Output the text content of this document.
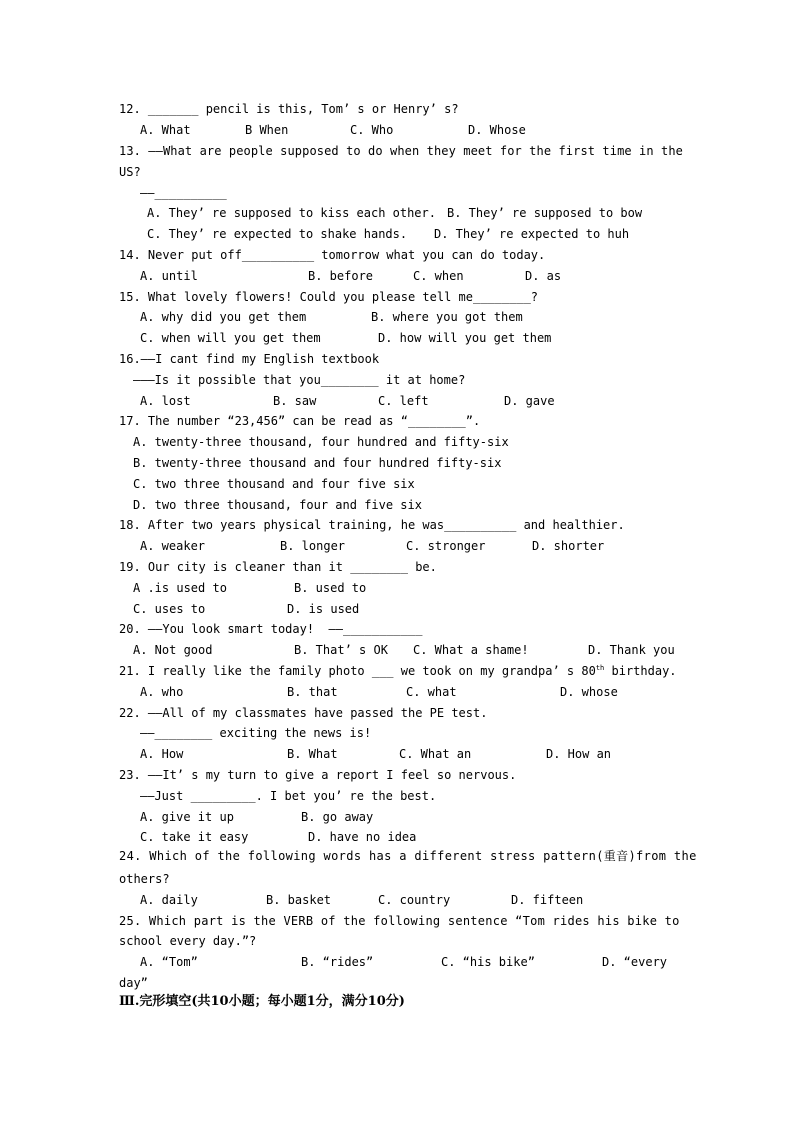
12. _______ pencil is this, Tom’ s or Henry’ s?
A. What	B When	C. Who	D. Whose
13. ——What are people supposed to do when they meet for the first time in the
US?
——__________
A. They’ re supposed to kiss each other. B. They’ re supposed to bow
C. They’ re expected to shake hands. D. They’ re expected to huh
14. Never put off__________ tomorrow what you can do today.
A. until	B. before	C. when	D. as
15. What lovely flowers! Could you please tell me________?
A. why did you get them	B. where you got them
C. when will you get them	D. how will you get them
16.——I cant find my English textbook
———Is it possible that you________ it at home?
A. lost	B. saw	C. left	D. gave
17. The number “23,456” can be read as “________”.
A. twenty-three thousand, four hundred and fifty-six
B. twenty-three thousand and four hundred fifty-six
C. two three thousand and four five six
D. two three thousand, four and five six
18. After two years physical training, he was__________ and healthier.
A. weaker	B. longer	C. stronger	D. shorter
19. Our city is cleaner than it ________ be.
A .is used to	B. used to
C. uses to	D. is used
20. ——You look smart today!  ——___________
A. Not good	B. That’ s OK C. What a shame!	D. Thank you
21. I really like the family photo ___ we took on my grandpa’ s 80th birthday.
A. who	B. that	C. what	D. whose
22. ——All of my classmates have passed the PE test.
——________ exciting the news is!
A. How	B. What	C. What an	D. How an
23. ——It’ s my turn to give a report I feel so nervous.
——Just _________. I bet you’ re the best.
A. give it up	B. go away
C. take it easy	D. have no idea
24. Which of the following words has a different stress pattern(重音)from the
others?
A. daily	B. basket	C. country	D. fifteen
25. Which part is the VERB of the following sentence “Tom rides his bike to
school every day.”?
A. “Tom”	B. “rides”	C. “his bike”	D. “every
day”
Ⅲ.完形填空(共10小题；每小题1分，满分10分)
